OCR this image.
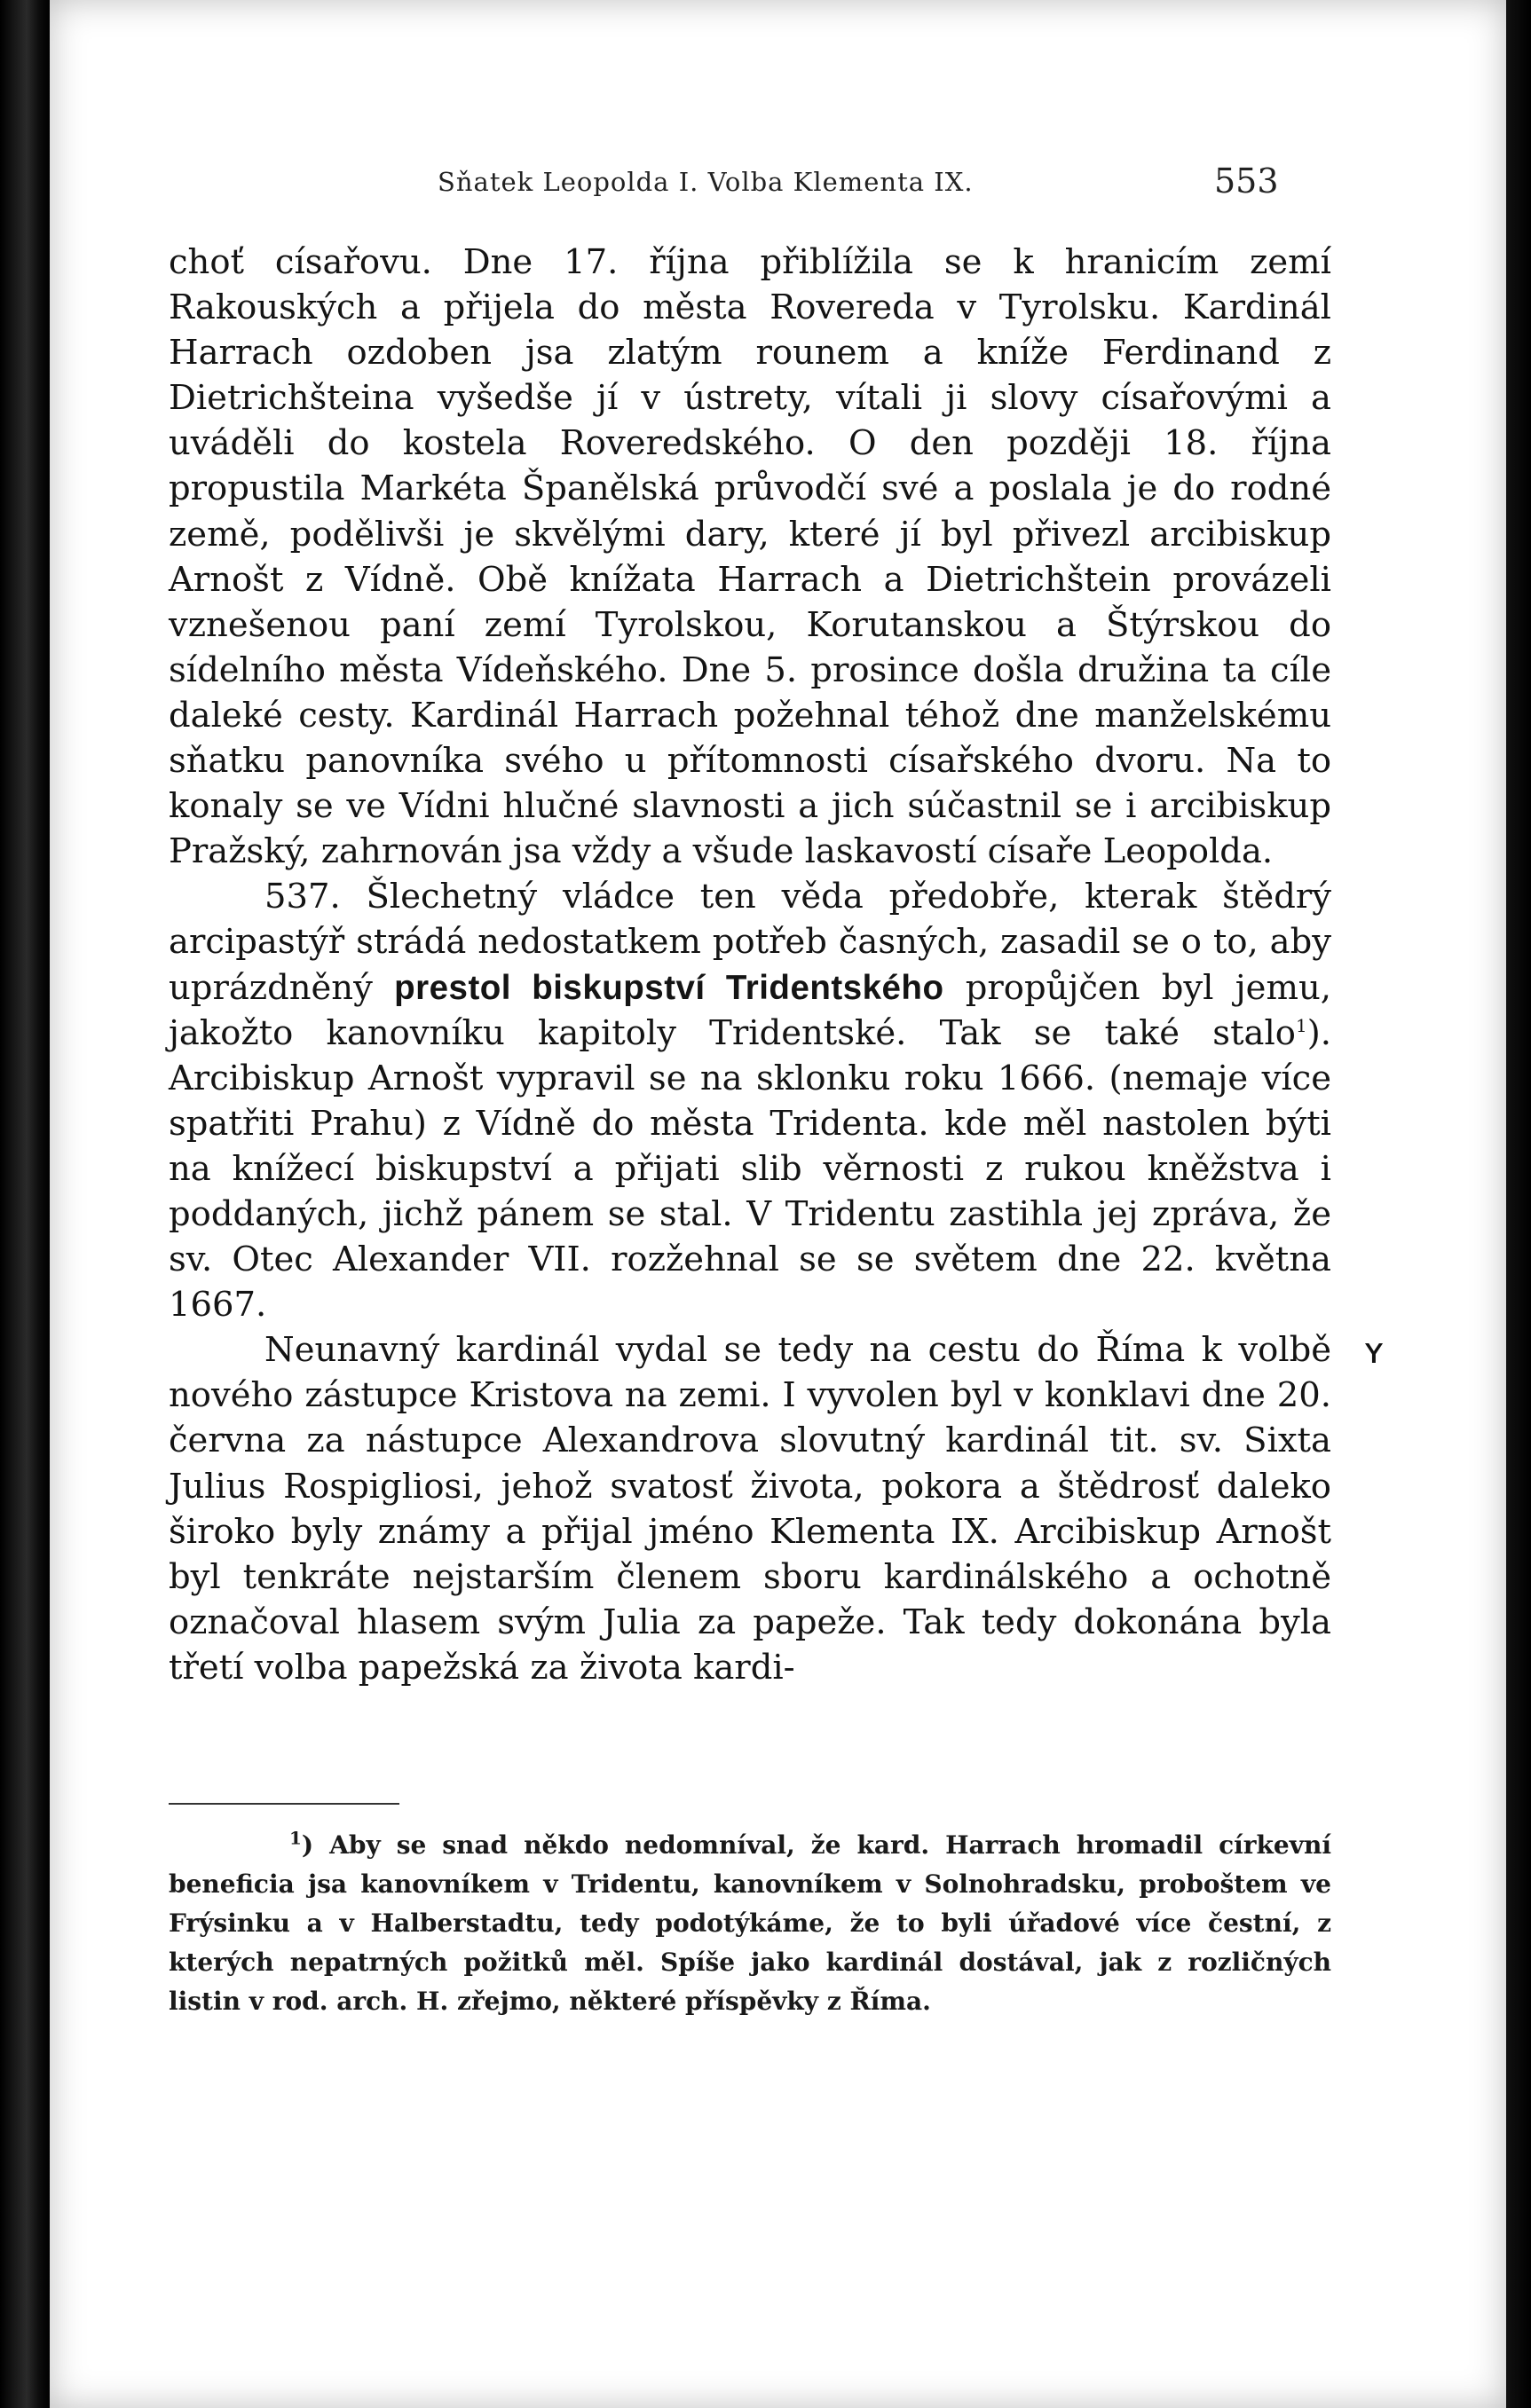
Sňatek Leopolda I. Volba Klementa IX.	553

choť císařovu. Dne 17. října přiblížila se k hranicím zemí Rakouských a přijela do města Rovereda v Tyrolsku. Kardinál Harrach ozdoben jsa zlatým rounem a kníže Ferdinand z Dietrichšteina vyšedše jí v ústrety, vítali ji slovy císařovými a uváděli do kostela Roveredského. O den později 18. října propustila Markéta Španělská průvodčí své a poslala je do rodné země, podělivši je skvělými dary, které jí byl přivezl arcibiskup Arnošt z Vídně. Obě knížata Harrach a Dietrichštein provázeli vznešenou paní zemí Tyrolskou, Korutanskou a Štýrskou do sídelního města Vídeňského. Dne 5. prosince došla družina ta cíle daleké cesty. Kardinál Harrach požehnal téhož dne manželskému sňatku panovníka svého u přítomnosti císařského dvoru. Na to konaly se ve Vídni hlučné slavnosti a jich súčastnil se i arcibiskup Pražský, zahrnován jsa vždy a všude laskavostí císaře Leopolda.

537. Šlechetný vládce ten věda předobře, kterak štědrý arcipastýř strádá nedostatkem potřeb časných, zasadil se o to, aby uprázdněný prestol biskupství Tridentského propůjčen byl jemu, jakožto kanovníku kapitoly Tridentské. Tak se také stalo$^1$). Arcibiskup Arnošt vypravil se na sklonku roku 1666. (nemaje více spatřiti Prahu) z Vídně do města Tridenta. kde měl nastolen býti na knížecí biskupství a přijati slib věrnosti z rukou kněžstva i poddaných, jichž pánem se stal. V Tridentu zastihla jej zpráva, že sv. Otec Alexander VII. rozžehnal se se světem dne 22. května 1667.

Neunavný kardinál vydal se tedy na cestu do Říma k volbě nového zástupce Kristova na zemi. I vyvolen byl v konklavi dne 20. června za nástupce Alexandrova slovutný kardinál tit. sv. Sixta Julius Rospigliosi, jehož svatosť života, pokora a štědrosť daleko široko byly známy a přijal jméno Klementa IX. Arcibiskup Arnošt byl tenkráte nejstarším členem sboru kardinálského a ochotně označoval hlasem svým Julia za papeže. Tak tedy dokonána byla třetí volba papežská za života kardi-

$^1$) Aby se snad někdo nedomníval, že kard. Harrach hromadil církevní beneficia jsa kanovníkem v Tridentu, kanovníkem v Solnohradsku, proboštem ve Frýsinku a v Halberstadtu, tedy podotýkáme, že to byli úřadové více čestní, z kterých nepatrných požitků měl. Spíše jako kardinál dostával, jak z rozličných listin v rod. arch. H. zřejmo, některé příspěvky z Říma.

ʏ
